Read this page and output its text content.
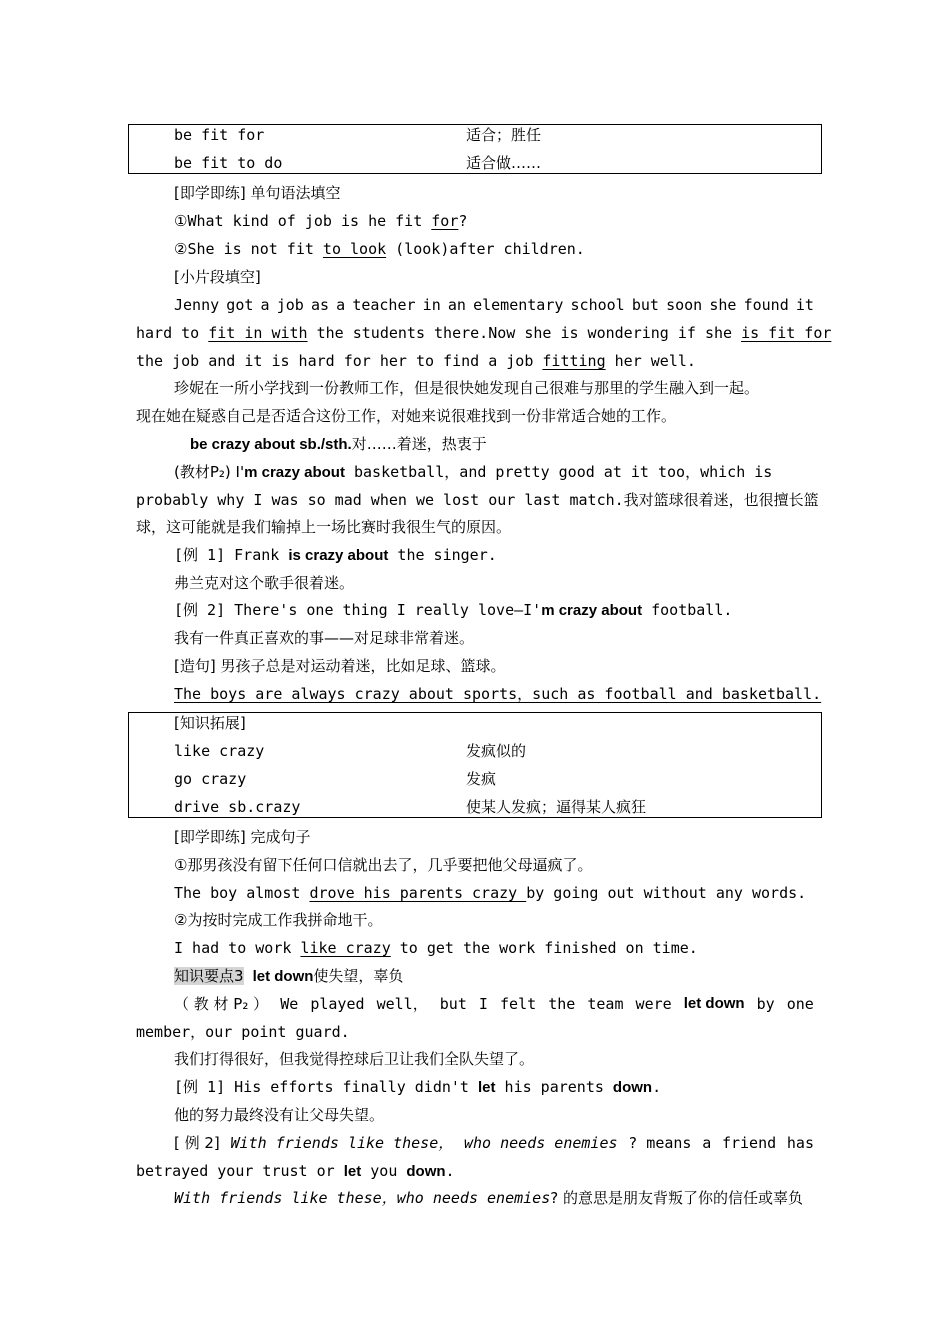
be fit for	适合；胜任
be fit to do	适合做……
[即学即练] 单句语法填空
①What kind of job is he fit for?
②She is not fit to look (look)after children.
[小片段填空]
Jenny got a job as a teacher in an elementary school but soon she found it
hard to fit in with the students there.Now she is wondering if she is fit for
the job and it is hard for her to find a job fitting her well.
珍妮在一所小学找到一份教师工作，但是很快她发现自己很难与那里的学生融入到一起。
现在她在疑惑自己是否适合这份工作，对她来说很难找到一份非常适合她的工作。
be crazy about sb./sth.对……着迷，热衷于
(教材P₂) I'm crazy about basketball，and pretty good at it too，which is
probably why I was so mad when we lost our last match.我对篮球很着迷，也很擅长篮
球，这可能就是我们输掉上一场比赛时我很生气的原因。
[例 1] Frank is crazy about the singer.
弗兰克对这个歌手很着迷。
[例 2] There's one thing I really love—I'm crazy about football.
我有一件真正喜欢的事——对足球非常着迷。
[造句] 男孩子总是对运动着迷，比如足球、篮球。
The boys are always crazy about sports，such as football and basketball.
[知识拓展]
like crazy	发疯似的
go crazy	发疯
drive sb.crazy	使某人发疯；逼得某人疯狂
[即学即练] 完成句子
①那男孩没有留下任何口信就出去了，几乎要把他父母逼疯了。
The boy almost drove his parents crazy by going out without any words.
②为按时完成工作我拼命地干。
I had to work like crazy to get the work finished on time.
知识要点3 let down使失望，辜负
（ 教 材 P₂ ） We played well， but I felt the team were let down by one
member，our point guard.
我们打得很好，但我觉得控球后卫让我们全队失望了。
[例 1] His efforts finally didn't let his parents down.
他的努力最终没有让父母失望。
[ 例 2] With friends like these， who needs enemies ? means a friend has
betrayed your trust or let you down.
With friends like these，who needs enemies? 的意思是朋友背叛了你的信任或辜负
